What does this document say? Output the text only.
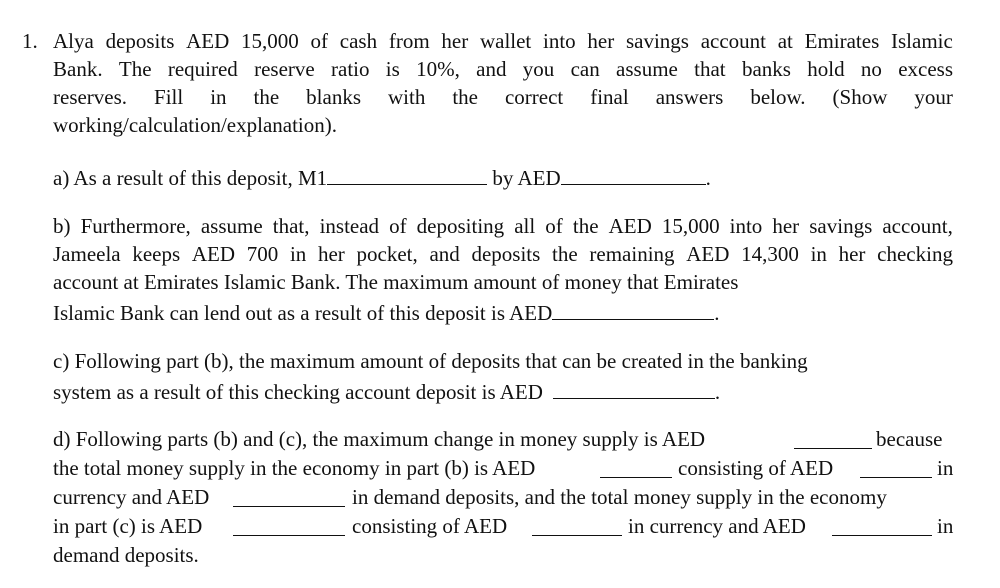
1. Alya deposits AED 15,000 of cash from her wallet into her savings account at Emirates Islamic
Bank. The required reserve ratio is 10%, and you can assume that banks hold no excess
reserves. Fill in the blanks with the correct final answers below. (Show your
working/calculation/explanation).
a) As a result of this deposit, M1	by AED	.
b) Furthermore, assume that, instead of depositing all of the AED 15,000 into her savings account,
Jameela keeps AED 700 in her pocket, and deposits the remaining AED 14,300 in her checking
account at Emirates Islamic Bank. The maximum amount of money that Emirates
Islamic Bank can lend out as a result of this deposit is AED	.
c) Following part (b), the maximum amount of deposits that can be created in the banking
system as a result of this checking account deposit is AED	.
d) Following parts (b) and (c), the maximum change in money supply is AED	because
the total money supply in the economy in part (b) is AED	consisting of AED	in
currency and AED	in demand deposits, and the total money supply in the economy
in part (c) is AED	consisting of AED	in currency and AED	in
demand deposits.
